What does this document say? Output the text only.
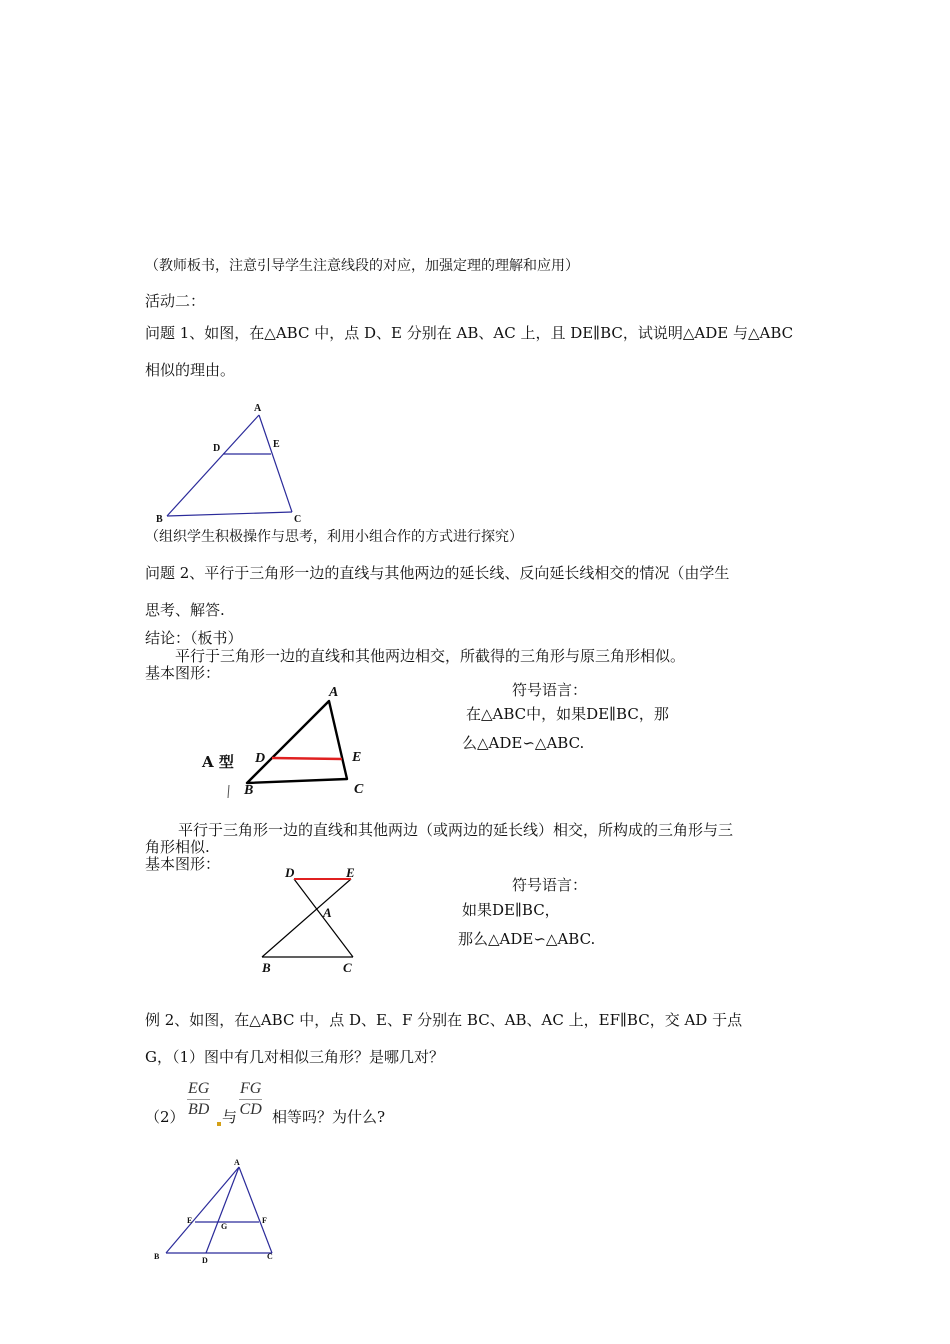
（教师板书，注意引导学生注意线段的对应，加强定理的理解和应用）
活动二：
问题 1、如图，在△ABC 中，点 D、E 分别在 AB、AC 上，且 DE∥BC，试说明△ADE 与△ABC
相似的理由。
A
D	E
B	C
（组织学生积极操作与思考，利用小组合作的方式进行探究）
问题 2、平行于三角形一边的直线与其他两边的延长线、反向延长线相交的情况（由学生
思考、解答.
结论：（板书）
平行于三角形一边的直线和其他两边相交，所截得的三角形与原三角形相似。
基本图形：
A
D	E
B	C
A 型
符号语言：
在△ABC中，如果DE∥BC，那
么△ADE∽△ABC.
平行于三角形一边的直线和其他两边（或两边的延长线）相交，所构成的三角形与三
角形相似.
基本图形：	D	E
A
B	C
符号语言：
如果DE∥BC，
那么△ADE∽△ABC.
例 2、如图，在△ABC 中，点 D、E、F 分别在 BC、AB、AC 上，EF∥BC，交 AD 于点
G，（1）图中有几对相似三角形？是哪几对？
$(2) \frac{EG}{BD}$ 与 $\frac{FG}{CD}$ 相等吗？为什么?
A
E
G
F
B	D	C
